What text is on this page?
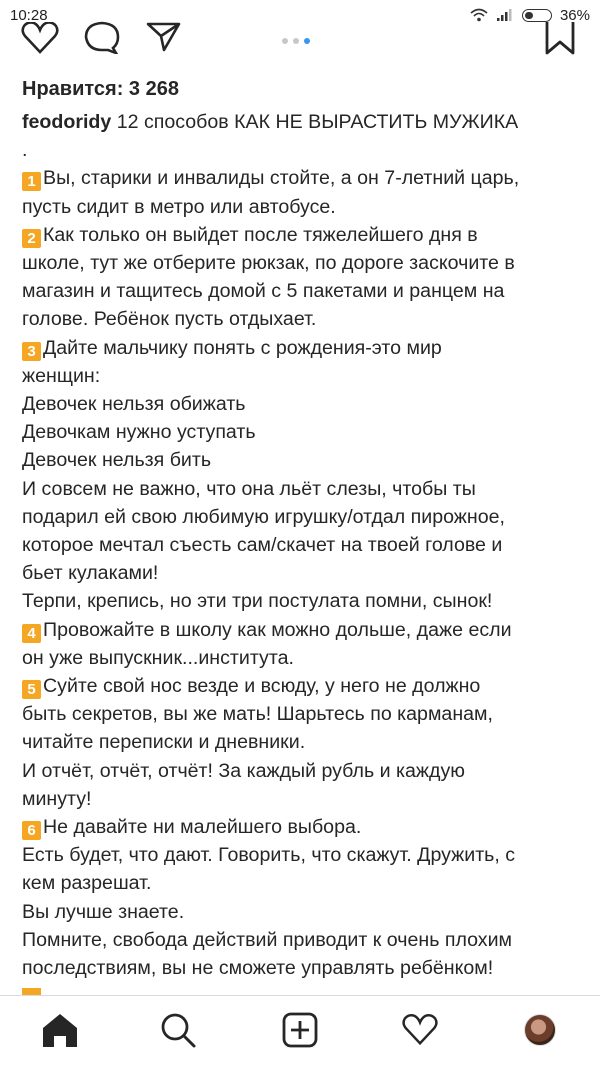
10:28	36%
Нравится: 3 268
feodoridy 12 способов КАК НЕ ВЫРАСТИТЬ МУЖИКА
.
1 Вы, старики и инвалиды стойте, а он 7-летний царь,
пусть сидит в метро или автобусе.
2 Как только он выйдет после тяжелейшего дня в
школе, тут же отберите рюкзак, по дороге заскочите в
магазин и тащитесь домой с 5 пакетами и ранцем на
голове. Ребёнок пусть отдыхает.
3 Дайте мальчику понять с рождения-это мир
женщин:
Девочек нельзя обижать
Девочкам нужно уступать
Девочек нельзя бить
И совсем не важно, что она льёт слезы, чтобы ты
подарил ей свою любимую игрушку/отдал пирожное,
которое мечтал съесть сам/скачет на твоей голове и
бьет кулаками!
Терпи, крепись, но эти три постулата помни, сынок!
4 Провожайте в школу как можно дольше, даже если
он уже выпускник...института.
5 Суйте свой нос везде и всюду, у него не должно
быть секретов, вы же мать! Шарьтесь по карманам,
читайте переписки и дневники.
И отчёт, отчёт, отчёт! За каждый рубль и каждую
минуту!
6 Не давайте ни малейшего выбора.
Есть будет, что дают. Говорить, что скажут. Дружить, с
кем разрешат.
Вы лучше знаете.
Помните, свобода действий приводит к очень плохим
последствиям, вы не сможете управлять ребёнком!
